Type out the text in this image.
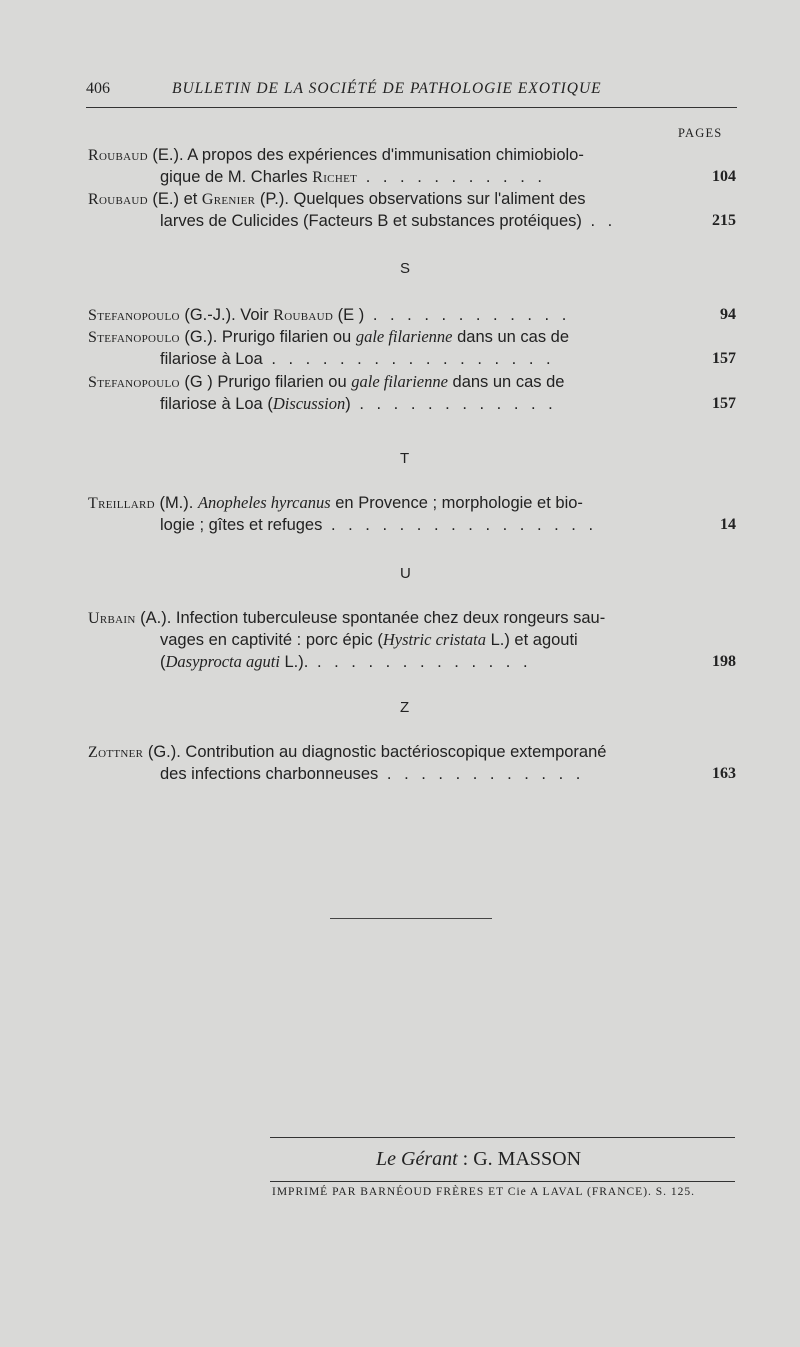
406	BULLETIN DE LA SOCIÉTÉ DE PATHOLOGIE EXOTIQUE
PAGES
Roubaud (E.). A propos des expériences d'immunisation chimiobiolo-
gique de M. Charles Richet . . . . . . . . . . .	104
Roubaud (E.) et Grenier (P.). Quelques observations sur l'aliment des
larves de Culicides (Facteurs B et substances protéiques) . .	215
S
Stefanopoulo (G.-J.). Voir Roubaud (E ) . . . . . . . . . . . .	94
Stefanopoulo (G.). Prurigo filarien ou gale filarienne dans un cas de
filariose à Loa . . . . . . . . . . . . . . . . .	157
Stefanopoulo (G ) Prurigo filarien ou gale filarienne dans un cas de
filariose à Loa (Discussion) . . . . . . . . . . . .	157
T
Treillard (M.). Anopheles hyrcanus en Provence ; morphologie et bio-
logie ; gîtes et refuges . . . . . . . . . . . . . . . .	14
U
Urbain (A.). Infection tuberculeuse spontanée chez deux rongeurs sau-
vages en captivité : porc épic (Hystric cristata L.) et agouti
(Dasyprocta aguti L.). . . . . . . . . . . . . .	198
Z
Zottner (G.). Contribution au diagnostic bactérioscopique extemporané
des infections charbonneuses . . . . . . . . . . . .	163
Le Gérant : G. MASSON
IMPRIMÉ PAR BARNÉOUD FRÈRES ET Cie A LAVAL (FRANCE). S. 125.
